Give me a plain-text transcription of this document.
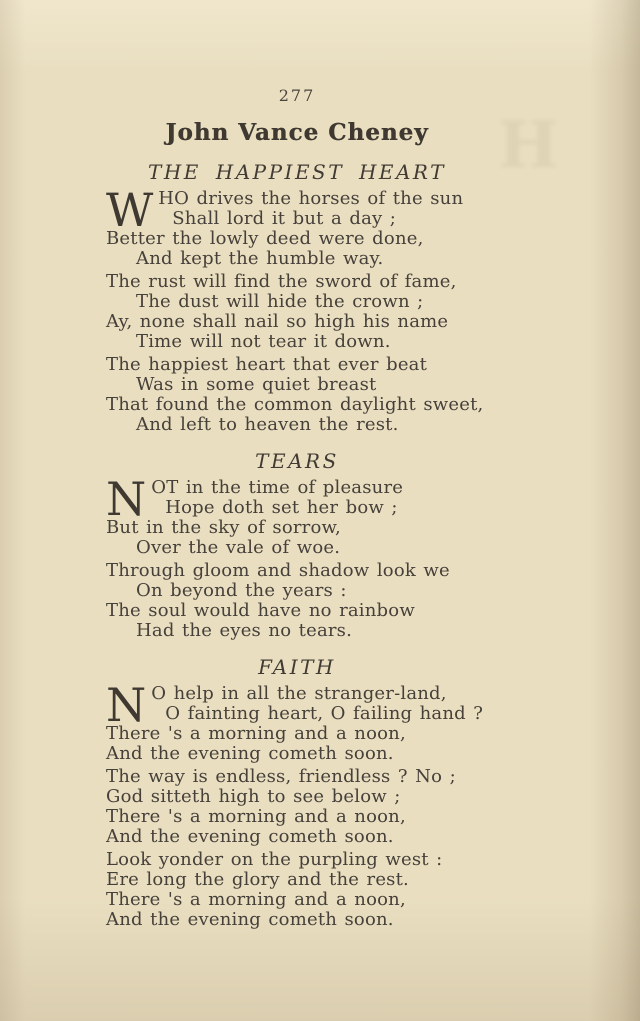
H
277
John Vance Cheney
THE HAPPIEST HEART
W HO drives the horses of the sun
Shall lord it but a day ;
Better the lowly deed were done,
And kept the humble way.
The rust will find the sword of fame,
The dust will hide the crown ;
Ay, none shall nail so high his name
Time will not tear it down.
The happiest heart that ever beat
Was in some quiet breast
That found the common daylight sweet,
And left to heaven the rest.
TEARS
N OT in the time of pleasure
Hope doth set her bow ;
But in the sky of sorrow,
Over the vale of woe.
Through gloom and shadow look we
On beyond the years :
The soul would have no rainbow
Had the eyes no tears.
FAITH
N O help in all the stranger-land,
O fainting heart, O failing hand ?
There 's a morning and a noon,
And the evening cometh soon.
The way is endless, friendless ? No ;
God sitteth high to see below ;
There 's a morning and a noon,
And the evening cometh soon.
Look yonder on the purpling west :
Ere long the glory and the rest.
There 's a morning and a noon,
And the evening cometh soon.
